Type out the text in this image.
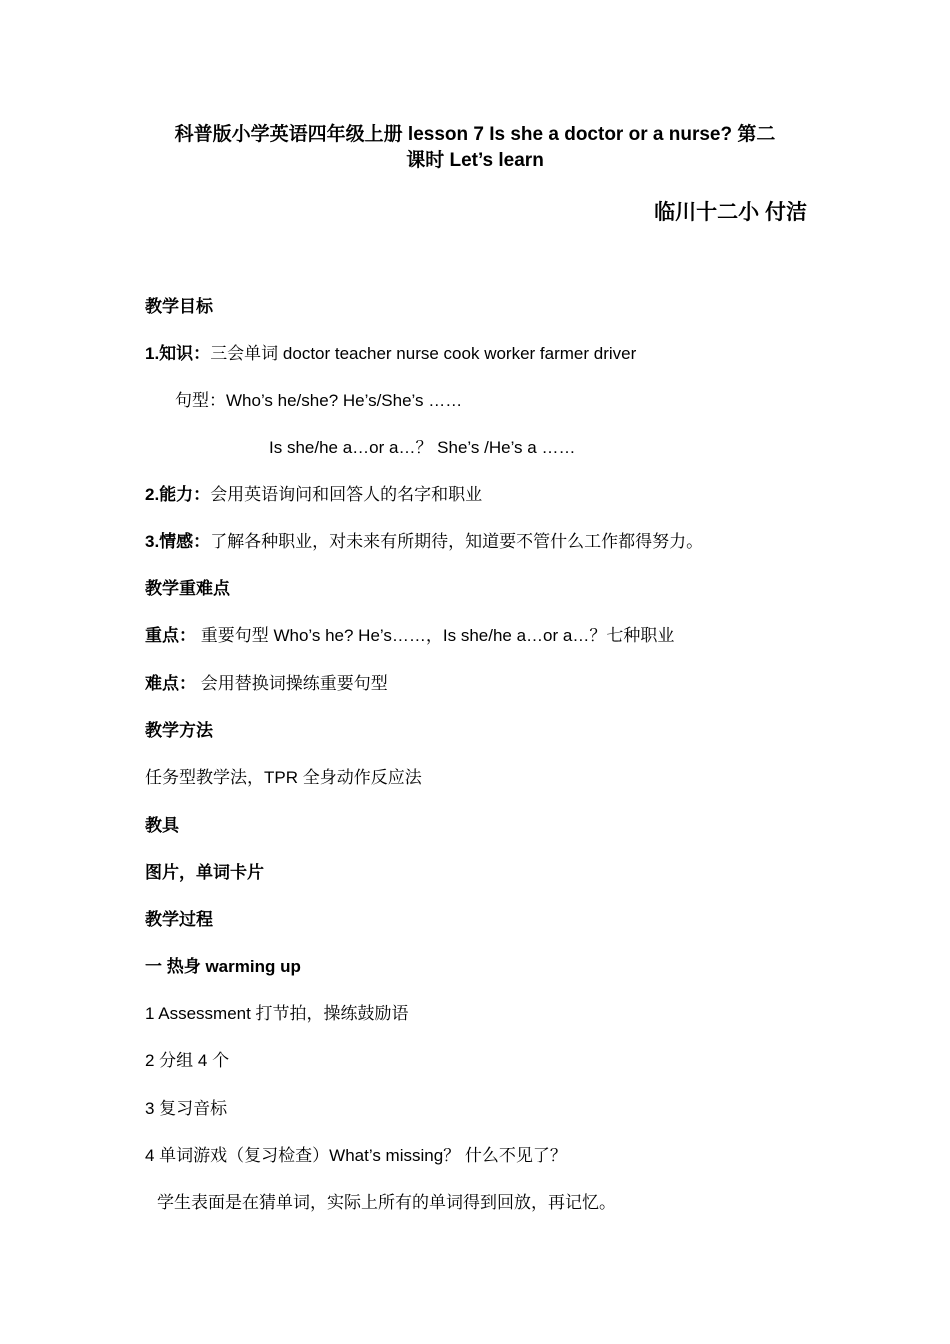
科普版小学英语四年级上册 lesson 7 Is she a doctor or a nurse? 第二
课时 Let’s learn
临川十二小 付洁
教学目标
1.知识：三会单词 doctor teacher nurse cook worker farmer driver
句型：Who’s he/she? He’s/She’s ……
Is she/he a…or a…？ She’s /He’s a ……
2.能力：会用英语询问和回答人的名字和职业
3.情感：了解各种职业，对未来有所期待，知道要不管什么工作都得努力。
教学重难点
重点： 重要句型 Who’s he? He’s……，Is she/he a…or a…？七种职业
难点： 会用替换词操练重要句型
教学方法
任务型教学法，TPR 全身动作反应法
教具
图片，单词卡片
教学过程
一 热身 warming up
1 Assessment 打节拍，操练鼓励语
2 分组 4 个
3 复习音标
4 单词游戏（复习检查）What’s missing？ 什么不见了？
学生表面是在猜单词，实际上所有的单词得到回放，再记忆。
